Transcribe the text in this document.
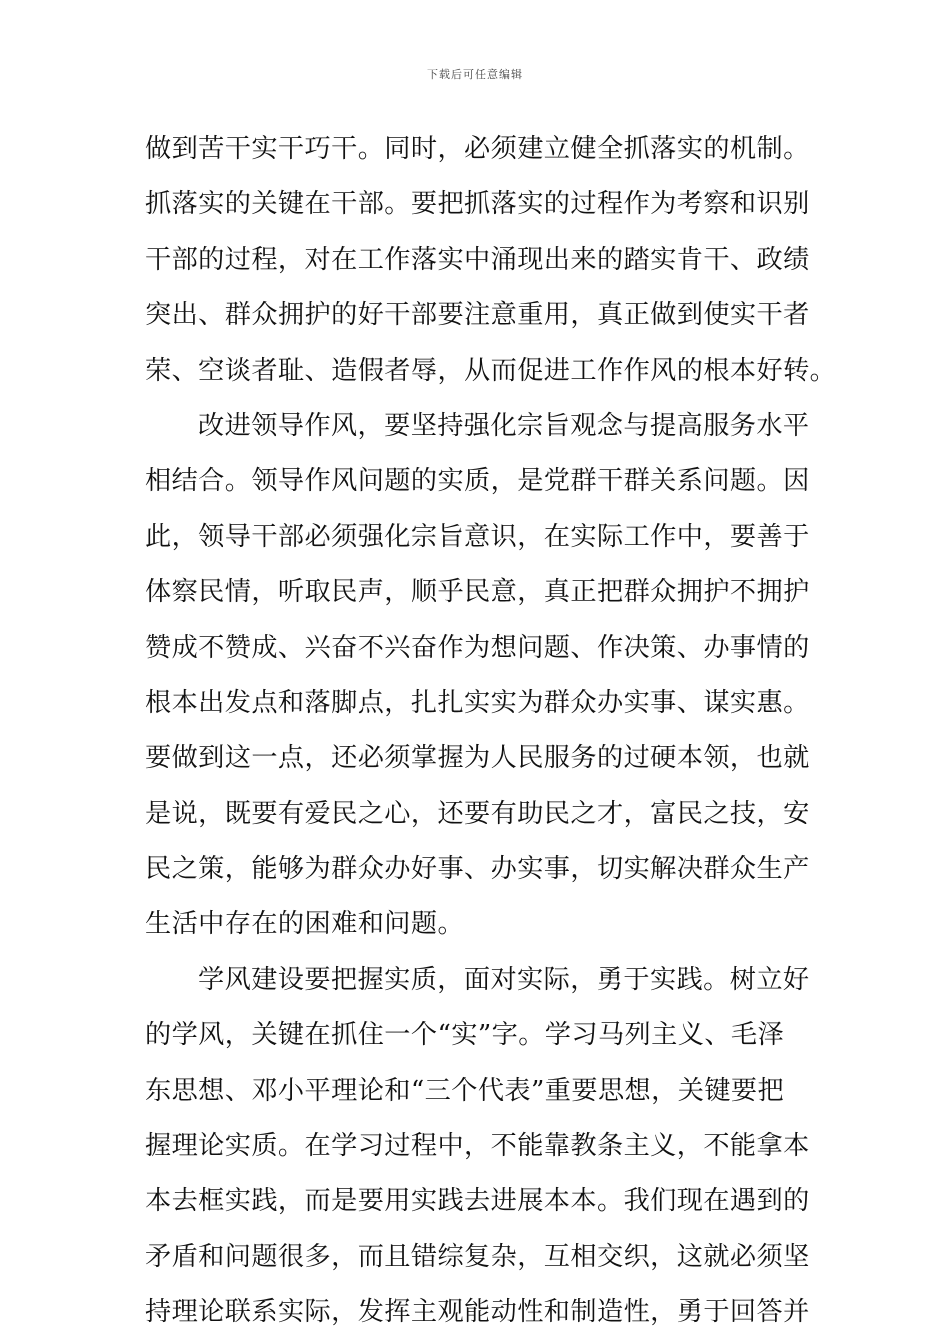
下载后可任意编辑
做到苦干实干巧干。同时，必须建立健全抓落实的机制。
抓落实的关键在干部。要把抓落实的过程作为考察和识别
干部的过程，对在工作落实中涌现出来的踏实肯干、政绩
突出、群众拥护的好干部要注意重用，真正做到使实干者
荣、空谈者耻、造假者辱，从而促进工作作风的根本好转。
改进领导作风，要坚持强化宗旨观念与提高服务水平
相结合。领导作风问题的实质，是党群干群关系问题。因
此，领导干部必须强化宗旨意识，在实际工作中，要善于
体察民情，听取民声，顺乎民意，真正把群众拥护不拥护
赞成不赞成、兴奋不兴奋作为想问题、作决策、办事情的
根本出发点和落脚点，扎扎实实为群众办实事、谋实惠。
要做到这一点，还必须掌握为人民服务的过硬本领，也就
是说，既要有爱民之心，还要有助民之才，富民之技，安
民之策，能够为群众办好事、办实事，切实解决群众生产
生活中存在的困难和问题。
学风建设要把握实质，面对实际，勇于实践。树立好
的学风，关键在抓住一个“实”字。学习马列主义、毛泽
东思想、邓小平理论和“三个代表”重要思想，关键要把
握理论实质。在学习过程中，不能靠教条主义，不能拿本
本去框实践，而是要用实践去进展本本。我们现在遇到的
矛盾和问题很多，而且错综复杂，互相交织，这就必须坚
持理论联系实际，发挥主观能动性和制造性，勇于回答并
